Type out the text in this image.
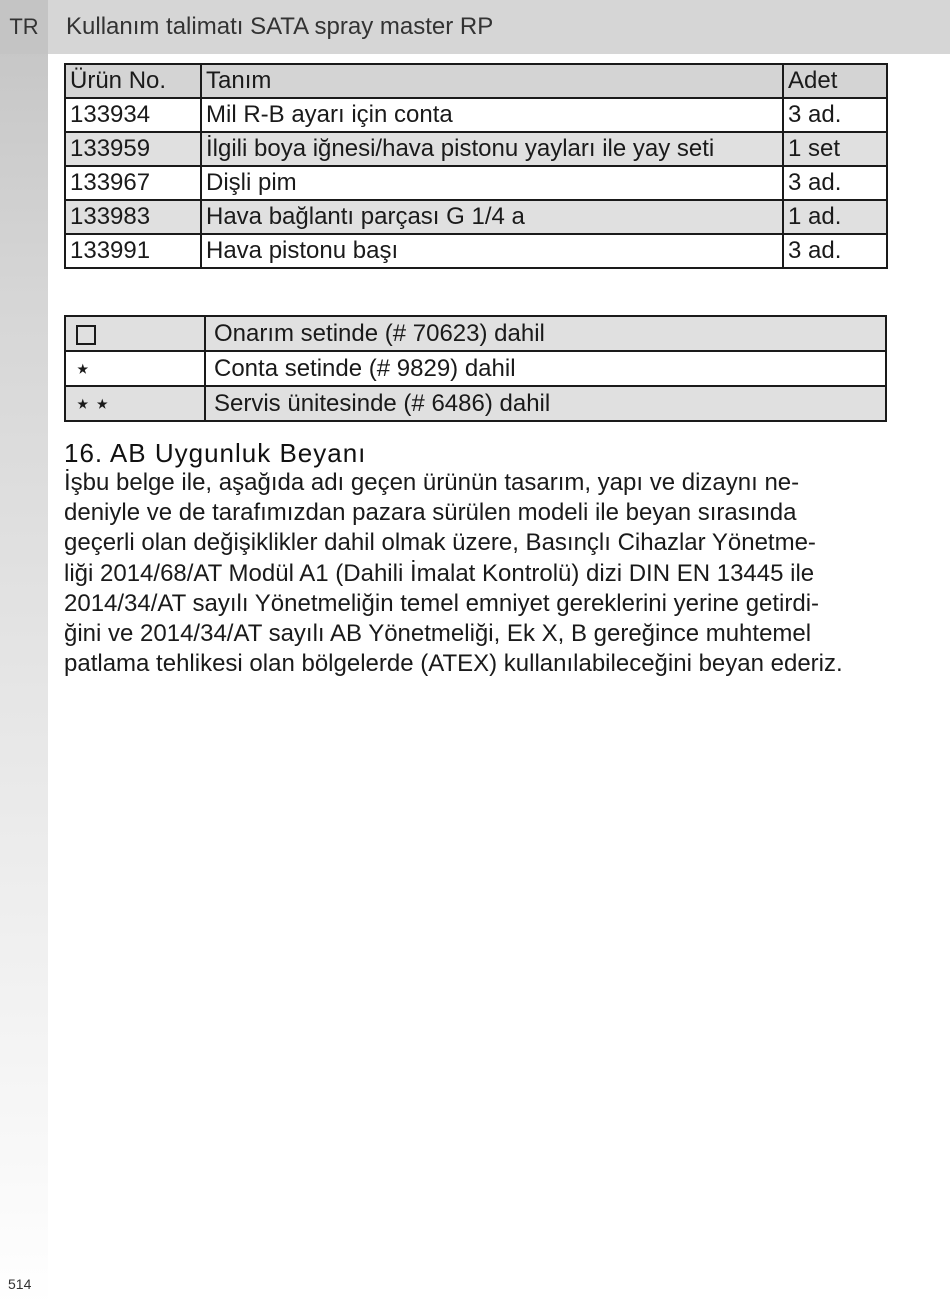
TR	Kullanım talimatı SATA spray master RP
Ürün No.	Tanım	Adet
133934	Mil R-B ayarı için conta	3 ad.
133959	İlgili boya iğnesi/hava pistonu yayları ile yay seti	1 set
133967	Dişli pim	3 ad.
133983	Hava bağlantı parçası G 1/4 a	1 ad.
133991	Hava pistonu başı	3 ad.
	Onarım setinde (# 70623) dahil
⋆	Conta setinde (# 9829) dahil
⋆⋆	Servis ünitesinde (# 6486) dahil
16. AB Uygunluk Beyanı
İşbu belge ile, aşağıda adı geçen ürünün tasarım, yapı ve dizaynı ne-
deniyle ve de tarafımızdan pazara sürülen modeli ile beyan sırasında
geçerli olan değişiklikler dahil olmak üzere, Basınçlı Cihazlar Yönetme-
liği 2014/68/AT Modül A1 (Dahili İmalat Kontrolü) dizi DIN EN 13445 ile
2014/34/AT sayılı Yönetmeliğin temel emniyet gereklerini yerine getirdi-
ğini ve 2014/34/AT sayılı AB Yönetmeliği, Ek X, B gereğince muhtemel
patlama tehlikesi olan bölgelerde (ATEX) kullanılabileceğini beyan ederiz.
514
